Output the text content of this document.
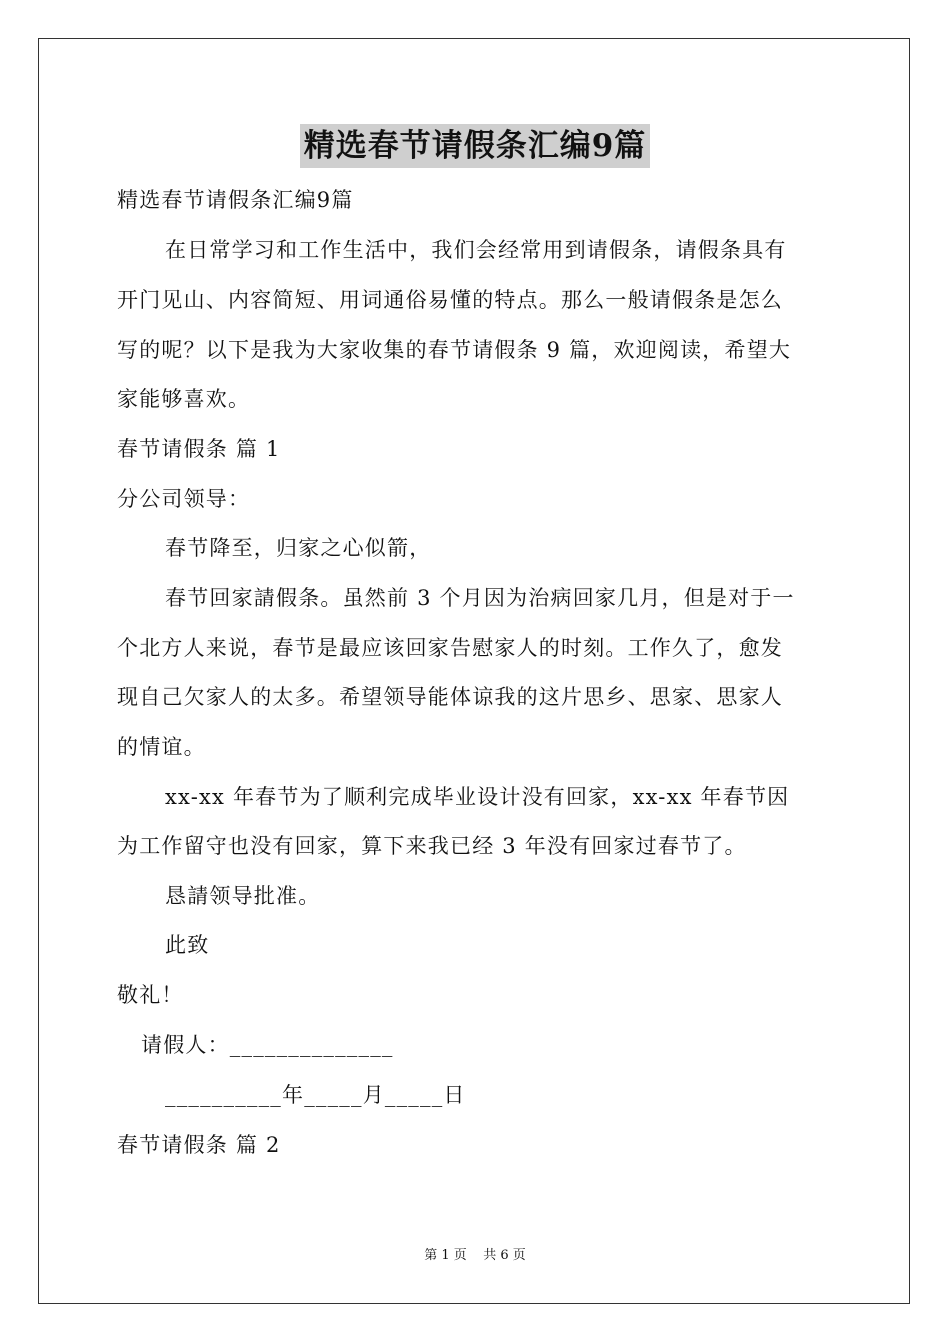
精选春节请假条汇编9篇
精选春节请假条汇编9篇
在日常学习和工作生活中，我们会经常用到请假条，请假条具有
开门见山、内容简短、用词通俗易懂的特点。那么一般请假条是怎么
写的呢？以下是我为大家收集的春节请假条 9 篇，欢迎阅读，希望大
家能够喜欢。
春节请假条 篇 1
分公司领导：
春节降至，归家之心似箭，
春节回家請假条。虽然前 3 个月因为治病回家几月，但是对于一
个北方人来说，春节是最应该回家告慰家人的时刻。工作久了，愈发
现自己欠家人的太多。希望领导能体谅我的这片思乡、思家、思家人
的情谊。
xx-xx 年春节为了顺利完成毕业设计没有回家，xx-xx 年春节因
为工作留守也没有回家，算下来我已经 3 年没有回家过春节了。
恳請领导批准。
此致
敬礼！
请假人：______________
__________年_____月_____日
春节请假条 篇 2
第 1 页    共 6 页
